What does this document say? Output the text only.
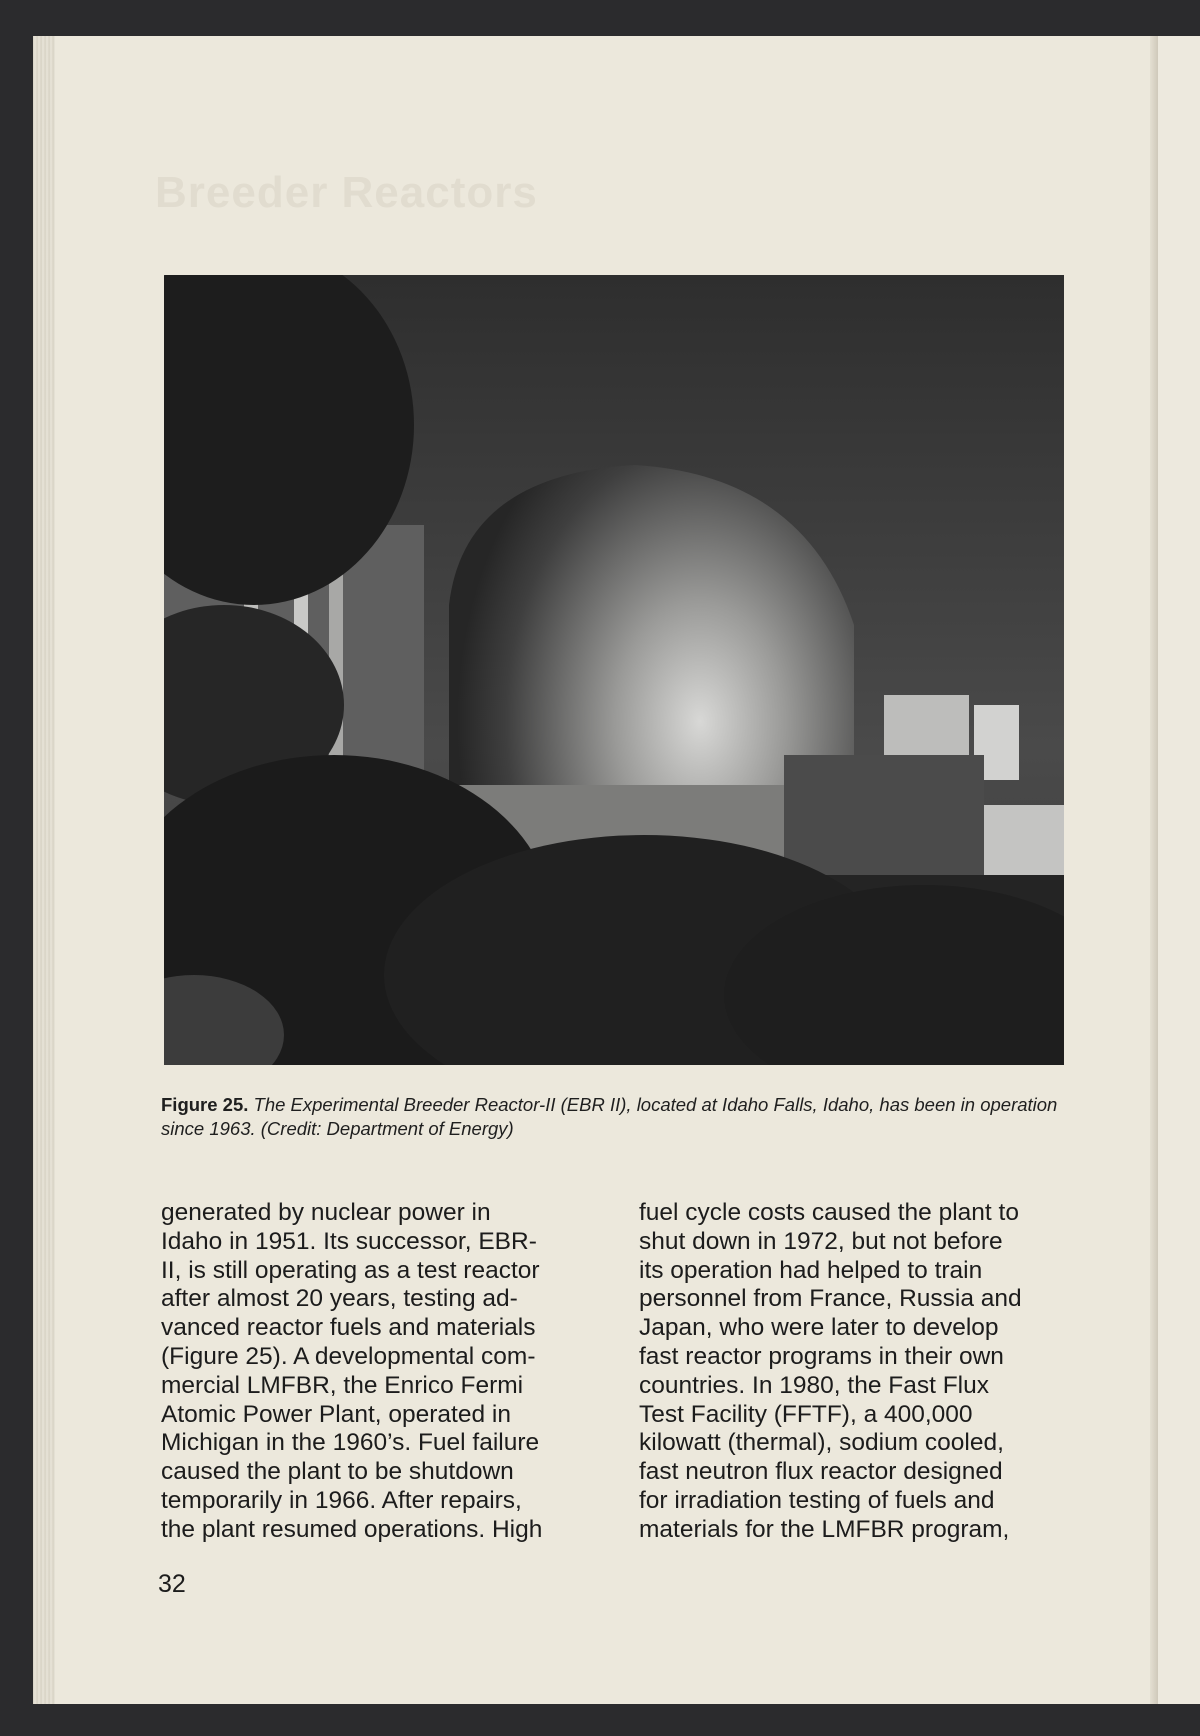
Breeder Reactors
Figure 25. The Experimental Breeder Reactor-II (EBR II), located at Idaho Falls, Idaho, has been in operation since 1963. (Credit: Department of Energy)
generated by nuclear power in
Idaho in 1951. Its successor, EBR-
II, is still operating as a test reactor
after almost 20 years, testing ad-
vanced reactor fuels and materials
(Figure 25). A developmental com-
mercial LMFBR, the Enrico Fermi
Atomic Power Plant, operated in
Michigan in the 1960’s. Fuel failure
caused the plant to be shutdown
temporarily in 1966. After repairs,
the plant resumed operations. High
fuel cycle costs caused the plant to
shut down in 1972, but not before
its operation had helped to train
personnel from France, Russia and
Japan, who were later to develop
fast reactor programs in their own
countries. In 1980, the Fast Flux
Test Facility (FFTF), a 400,000
kilowatt (thermal), sodium cooled,
fast neutron flux reactor designed
for irradiation testing of fuels and
materials for the LMFBR program,
32
